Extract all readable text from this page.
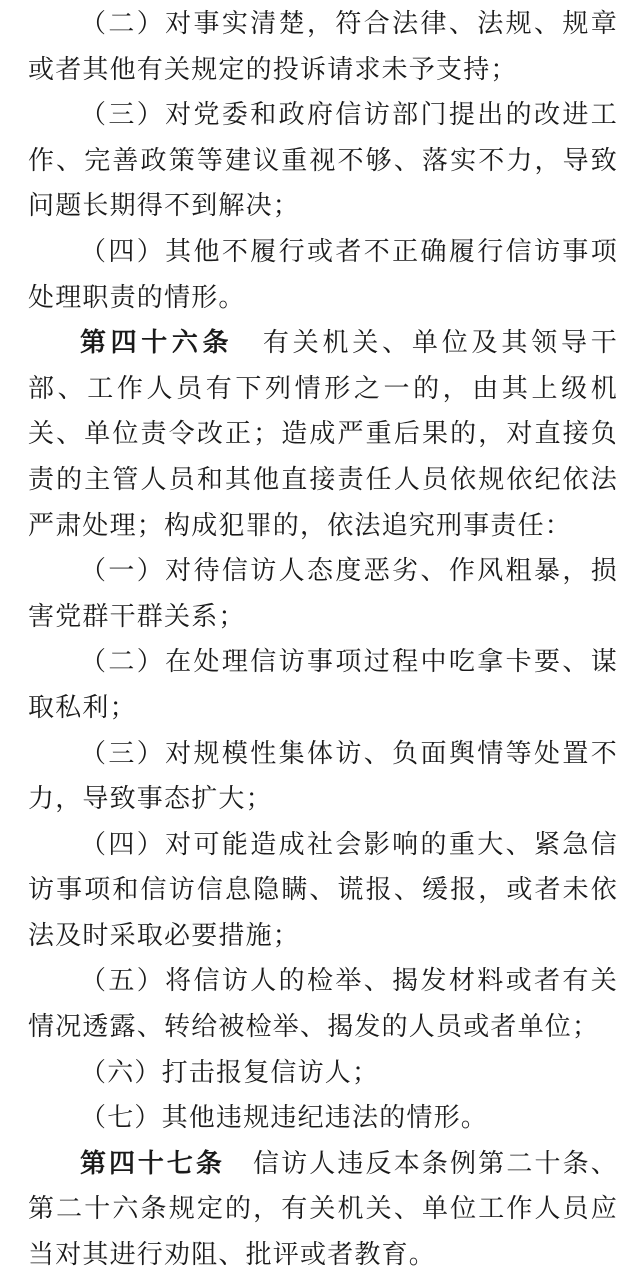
（二）对事实清楚，符合法律、法规、规章或者其他有关规定的投诉请求未予支持；

（三）对党委和政府信访部门提出的改进工作、完善政策等建议重视不够、落实不力，导致问题长期得不到解决；

（四）其他不履行或者不正确履行信访事项处理职责的情形。

第四十六条  有关机关、单位及其领导干部、工作人员有下列情形之一的，由其上级机关、单位责令改正；造成严重后果的，对直接负责的主管人员和其他直接责任人员依规依纪依法严肃处理；构成犯罪的，依法追究刑事责任：

（一）对待信访人态度恶劣、作风粗暴，损害党群干群关系；

（二）在处理信访事项过程中吃拿卡要、谋取私利；

（三）对规模性集体访、负面舆情等处置不力，导致事态扩大；

（四）对可能造成社会影响的重大、紧急信访事项和信访信息隐瞒、谎报、缓报，或者未依法及时采取必要措施；

（五）将信访人的检举、揭发材料或者有关情况透露、转给被检举、揭发的人员或者单位；

（六）打击报复信访人；

（七）其他违规违纪违法的情形。

第四十七条  信访人违反本条例第二十条、第二十六条规定的，有关机关、单位工作人员应当对其进行劝阻、批评或者教育。
